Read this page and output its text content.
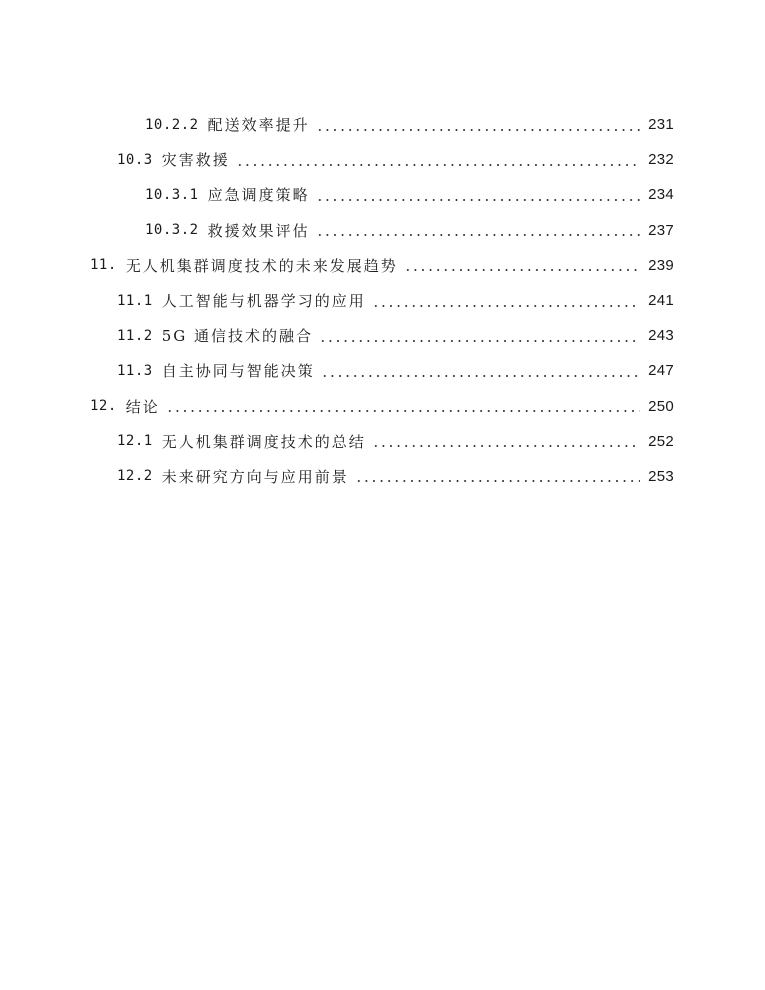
10.2.2 配送效率提升	231
10.3 灾害救援	232
10.3.1 应急调度策略	234
10.3.2 救援效果评估	237
11. 无人机集群调度技术的未来发展趋势	239
11.1 人工智能与机器学习的应用	241
11.2 5G 通信技术的融合	243
11.3 自主协同与智能决策	247
12. 结论	250
12.1 无人机集群调度技术的总结	252
12.2 未来研究方向与应用前景	253
